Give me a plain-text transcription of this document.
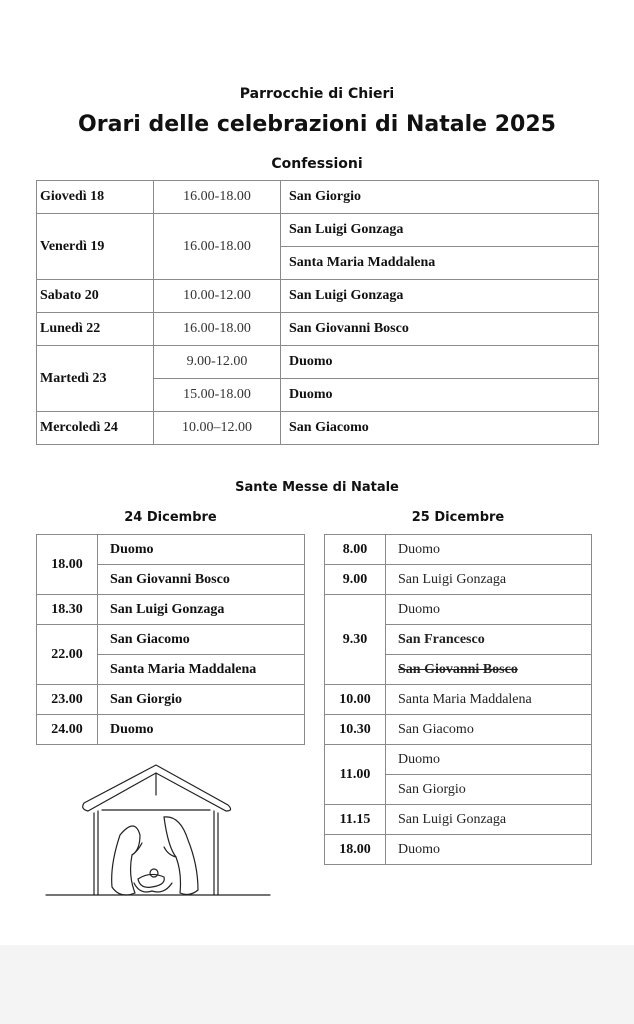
Parrocchie di Chieri
Orari delle celebrazioni di Natale 2025
Confessioni
Giovedì 18	16.00-18.00	San Giorgio
Venerdì 19	16.00-18.00	San Luigi Gonzaga
		Santa Maria Maddalena
Sabato 20	10.00-12.00	San Luigi Gonzaga
Lunedì 22	16.00-18.00	San Giovanni Bosco
Martedì 23	9.00-12.00	Duomo
	15.00-18.00	Duomo
Mercoledì 24	10.00–12.00	San Giacomo
Sante Messe di Natale
24 Dicembre	25 Dicembre
18.00	Duomo
	San Giovanni Bosco
18.30	San Luigi Gonzaga
22.00	San Giacomo
	Santa Maria Maddalena
23.00	San Giorgio
24.00	Duomo
8.00	Duomo
9.00	San Luigi Gonzaga
9.30	Duomo
	San Francesco
	San Giovanni Bosco
10.00	Santa Maria Maddalena
10.30	San Giacomo
11.00	Duomo
	San Giorgio
11.15	San Luigi Gonzaga
18.00	Duomo
